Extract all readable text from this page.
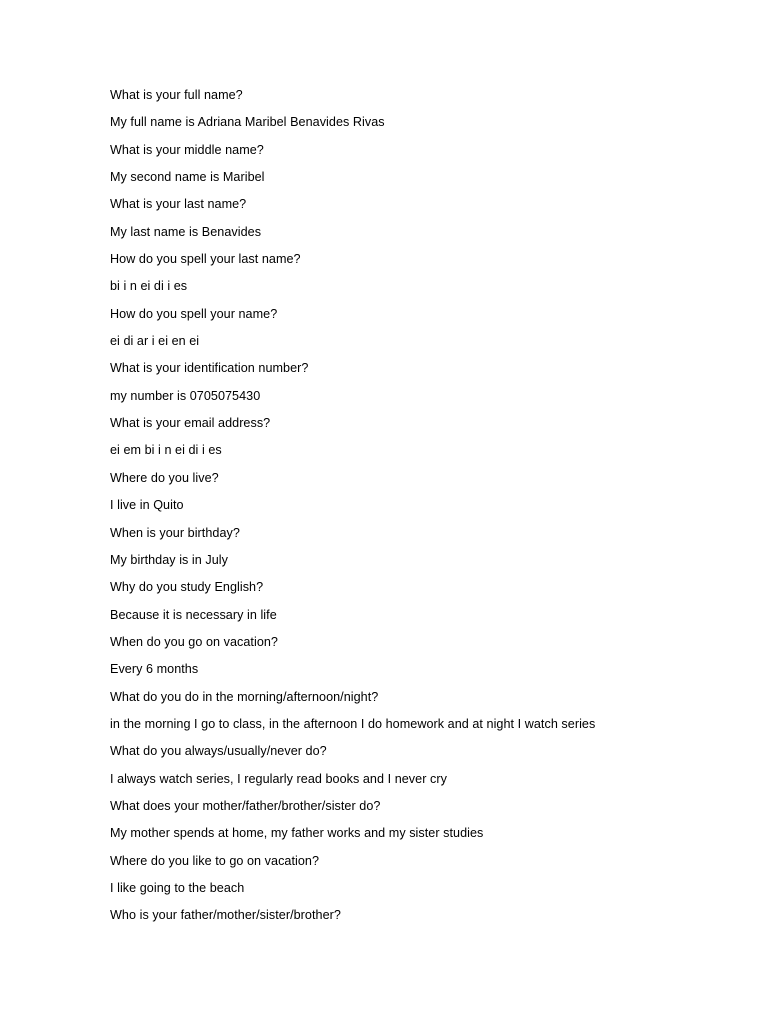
What is your full name?
My full name is Adriana Maribel Benavides Rivas
What is your middle name?
My second name is Maribel
What is your last name?
My last name is Benavides
How do you spell your last name?
bi i n ei di i es
How do you spell your name?
ei di ar i ei en ei
What is your identification number?
my number is 0705075430
What is your email address?
ei em bi i n ei di i es
Where do you live?
I live in Quito
When is your birthday?
My birthday is in July
Why do you study English?
Because it is necessary in life
When do you go on vacation?
Every 6 months
What do you do in the morning/afternoon/night?
in the morning I go to class, in the afternoon I do homework and at night I watch series
What do you always/usually/never do?
I always watch series, I regularly read books and I never cry
What does your mother/father/brother/sister do?
My mother spends at home, my father works and my sister studies
Where do you like to go on vacation?
I like going to the beach
Who is your father/mother/sister/brother?
